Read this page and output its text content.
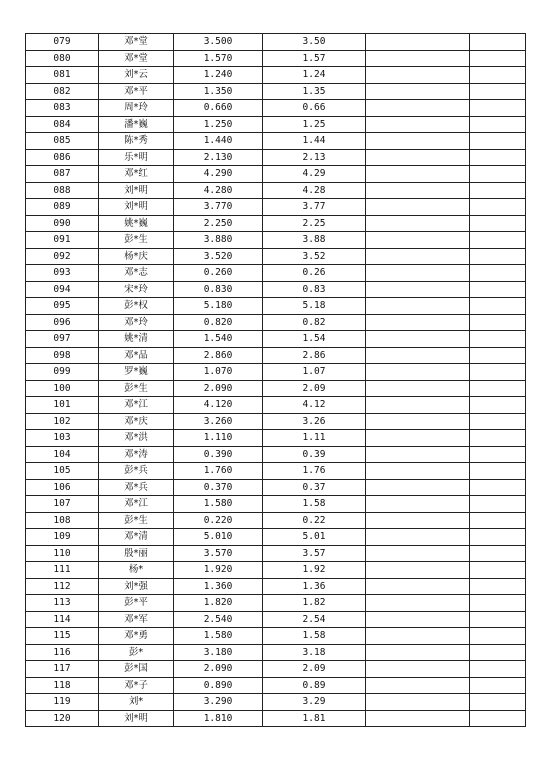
079	邓*堂	3.500	3.50		
080	邓*堂	1.570	1.57		
081	刘*云	1.240	1.24		
082	邓*平	1.350	1.35		
083	周*玲	0.660	0.66		
084	潘*巍	1.250	1.25		
085	陈*秀	1.440	1.44		
086	乐*明	2.130	2.13		
087	邓*红	4.290	4.29		
088	刘*明	4.280	4.28		
089	刘*明	3.770	3.77		
090	姚*巍	2.250	2.25		
091	彭*生	3.880	3.88		
092	杨*庆	3.520	3.52		
093	邓*志	0.260	0.26		
094	宋*玲	0.830	0.83		
095	彭*权	5.180	5.18		
096	邓*玲	0.820	0.82		
097	姚*清	1.540	1.54		
098	邓*品	2.860	2.86		
099	罗*巍	1.070	1.07		
100	彭*生	2.090	2.09		
101	邓*江	4.120	4.12		
102	邓*庆	3.260	3.26		
103	邓*洪	1.110	1.11		
104	邓*涛	0.390	0.39		
105	彭*兵	1.760	1.76		
106	邓*兵	0.370	0.37		
107	邓*江	1.580	1.58		
108	彭*生	0.220	0.22		
109	邓*清	5.010	5.01		
110	殷*丽	3.570	3.57		
111	杨*	1.920	1.92		
112	刘*强	1.360	1.36		
113	彭*平	1.820	1.82		
114	邓*军	2.540	2.54		
115	邓*勇	1.580	1.58		
116	彭*	3.180	3.18		
117	彭*国	2.090	2.09		
118	邓*子	0.890	0.89		
119	刘*	3.290	3.29		
120	刘*明	1.810	1.81		
